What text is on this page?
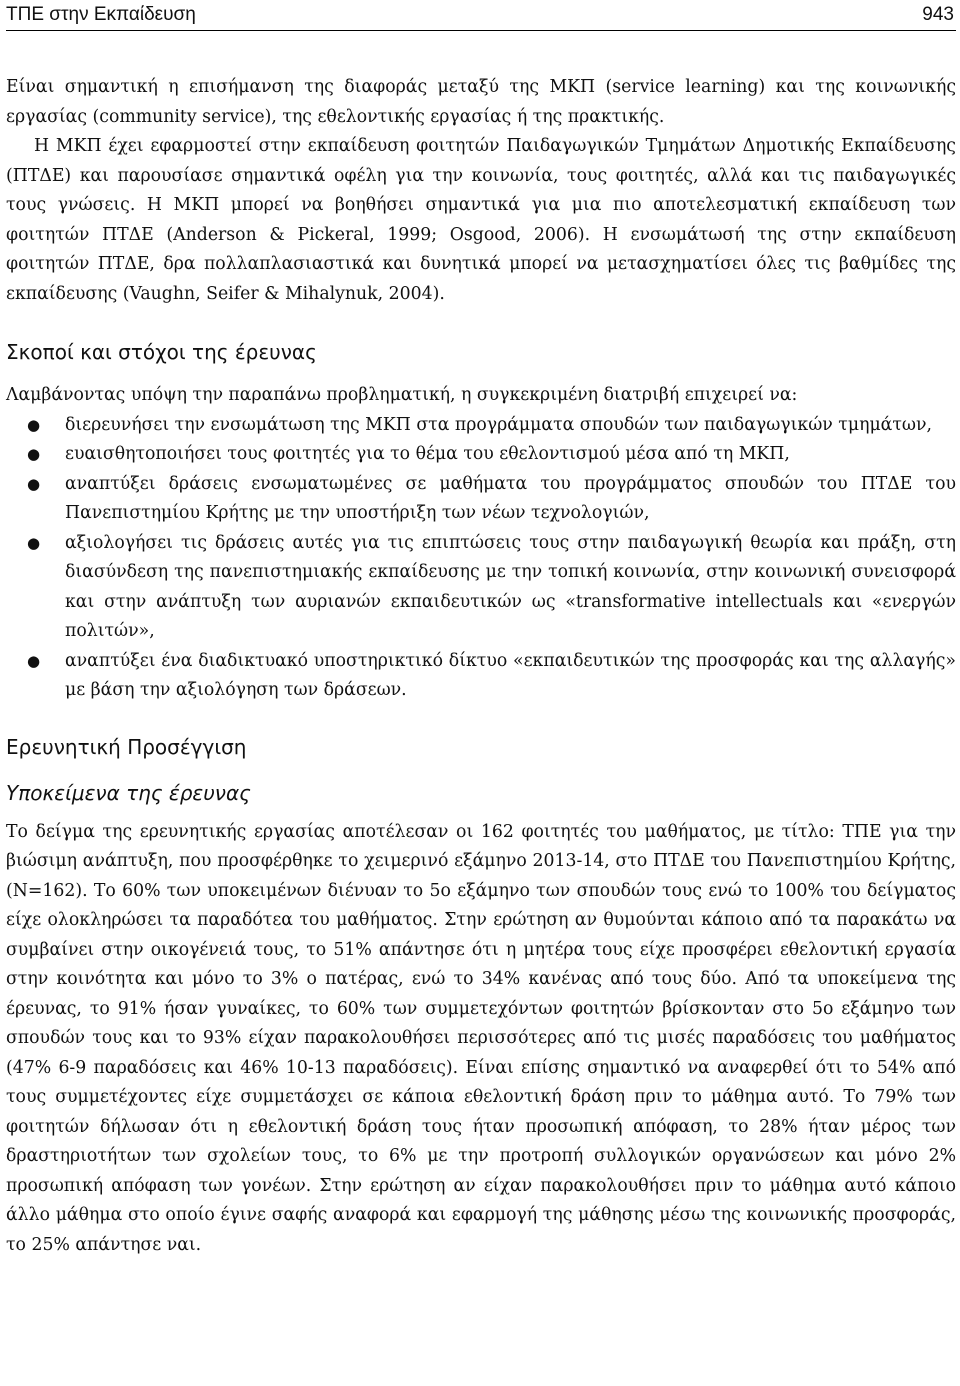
ΤΠΕ στην Εκπαίδευση	943

Είναι σημαντική η επισήμανση της διαφοράς μεταξύ της ΜΚΠ (service learning) και της κοινωνικής εργασίας (community service), της εθελοντικής εργασίας ή της πρακτικής.

Η ΜΚΠ έχει εφαρμοστεί στην εκπαίδευση φοιτητών Παιδαγωγικών Τμημάτων Δημοτικής Εκπαίδευσης (ΠΤΔΕ) και παρουσίασε σημαντικά οφέλη για την κοινωνία, τους φοιτητές, αλλά και τις παιδαγωγικές τους γνώσεις. Η ΜΚΠ μπορεί να βοηθήσει σημαντικά για μια πιο αποτελεσματική εκπαίδευση των φοιτητών ΠΤΔΕ (Anderson & Pickeral, 1999; Osgood, 2006). Η ενσωμάτωσή της στην εκπαίδευση φοιτητών ΠΤΔΕ, δρα πολλαπλασιαστικά και δυνητικά μπορεί να μετασχηματίσει όλες τις βαθμίδες της εκπαίδευσης (Vaughn, Seifer & Mihalynuk, 2004).

Σκοποί και στόχοι της έρευνας

Λαμβάνοντας υπόψη την παραπάνω προβληματική, η συγκεκριμένη διατριβή επιχειρεί να:

● διερευνήσει την ενσωμάτωση της ΜΚΠ στα προγράμματα σπουδών των παιδαγωγικών τμημάτων,
● ευαισθητοποιήσει τους φοιτητές για το θέμα του εθελοντισμού μέσα από τη ΜΚΠ,
● αναπτύξει δράσεις ενσωματωμένες σε μαθήματα του προγράμματος σπουδών του ΠΤΔΕ του Πανεπιστημίου Κρήτης με την υποστήριξη των νέων τεχνολογιών,
● αξιολογήσει τις δράσεις αυτές για τις επιπτώσεις τους στην παιδαγωγική θεωρία και πράξη, στη διασύνδεση της πανεπιστημιακής εκπαίδευσης με την τοπική κοινωνία, στην κοινωνική συνεισφορά και στην ανάπτυξη των αυριανών εκπαιδευτικών ως «transformative intellectuals και «ενεργών πολιτών»,
● αναπτύξει ένα διαδικτυακό υποστηρικτικό δίκτυο «εκπαιδευτικών της προσφοράς και της αλλαγής» με βάση την αξιολόγηση των δράσεων.
Ερευνητική Προσέγγιση
Υποκείμενα της έρευνας

Το δείγμα της ερευνητικής εργασίας αποτέλεσαν οι 162 φοιτητές του μαθήματος, με τίτλο: ΤΠΕ για την βιώσιμη ανάπτυξη, που προσφέρθηκε το χειμερινό εξάμηνο 2013-14, στο ΠΤΔΕ του Πανεπιστημίου Κρήτης, (Ν=162). Το 60% των υποκειμένων διένυαν το 5ο εξάμηνο των σπουδών τους ενώ το 100% του δείγματος είχε ολοκληρώσει τα παραδότεα του μαθήματος. Στην ερώτηση αν θυμούνται κάποιο από τα παρακάτω να συμβαίνει στην οικογένειά τους, το 51% απάντησε ότι η μητέρα τους είχε προσφέρει εθελοντική εργασία στην κοινότητα και μόνο το 3% ο πατέρας, ενώ το 34% κανένας από τους δύο. Από τα υποκείμενα της έρευνας, το 91% ήσαν γυναίκες, το 60% των συμμετεχόντων φοιτητών βρίσκονταν στο 5ο εξάμηνο των σπουδών τους και το 93% είχαν παρακολουθήσει περισσότερες από τις μισές παραδόσεις του μαθήματος (47% 6-9 παραδόσεις και 46% 10-13 παραδόσεις). Είναι επίσης σημαντικό να αναφερθεί ότι το 54% από τους συμμετέχοντες είχε συμμετάσχει σε κάποια εθελοντική δράση πριν το μάθημα αυτό. Το 79% των φοιτητών δήλωσαν ότι η εθελοντική δράση τους ήταν προσωπική απόφαση, το 28% ήταν μέρος των δραστηριοτήτων των σχολείων τους, το 6% με την προτροπή συλλογικών οργανώσεων και μόνο 2% προσωπική απόφαση των γονέων. Στην ερώτηση αν είχαν παρακολουθήσει πριν το μάθημα αυτό κάποιο άλλο μάθημα στο οποίο έγινε σαφής αναφορά και εφαρμογή της μάθησης μέσω της κοινωνικής προσφοράς, το 25% απάντησε ναι.
